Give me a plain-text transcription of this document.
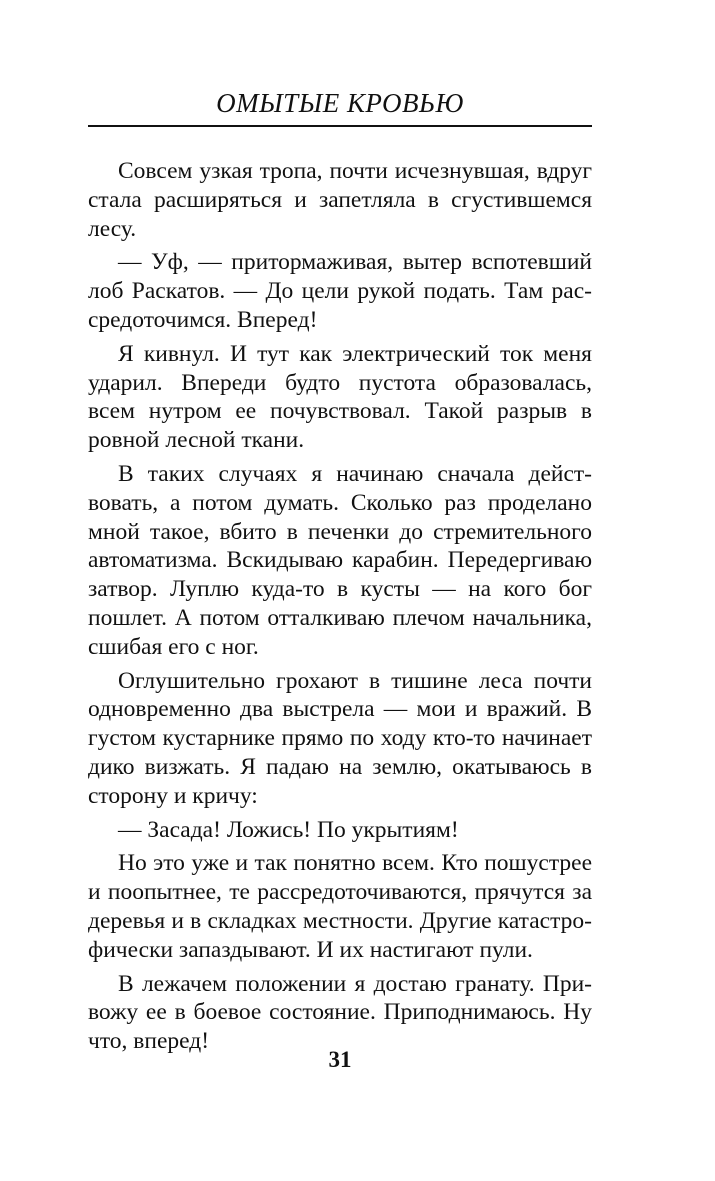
ОМЫТЫЕ КРОВЬЮ

Совсем узкая тропа, почти исчезнувшая, вдруг стала расширяться и запетляла в сгустившемся лесу.

— Уф, — притормаживая, вытер вспотевший лоб Раскатов. — До цели рукой подать. Там рассредоточимся. Вперед!

Я кивнул. И тут как электрический ток меня ударил. Впереди будто пустота образовалась, всем нутром ее почувствовал. Такой разрыв в ровной лесной ткани.

В таких случаях я начинаю сначала действовать, а потом думать. Сколько раз проделано мной такое, вбито в печенки до стремительного автоматизма. Вскидываю карабин. Передергиваю затвор. Луплю куда-то в кусты — на кого бог пошлет. А потом отталкиваю плечом начальника, сшибая его с ног.

Оглушительно грохают в тишине леса почти одновременно два выстрела — мои и вражий. В густом кустарнике прямо по ходу кто-то начинает дико визжать. Я падаю на землю, окатываюсь в сторону и кричу:

— Засада! Ложись! По укрытиям!

Но это уже и так понятно всем. Кто пошустрее и поопытнее, те рассредоточиваются, прячутся за деревья и в складках местности. Другие катастрофически запаздывают. И их настигают пули.

В лежачем положении я достаю гранату. Привожу ее в боевое состояние. Приподнимаюсь. Ну что, вперед!

31
